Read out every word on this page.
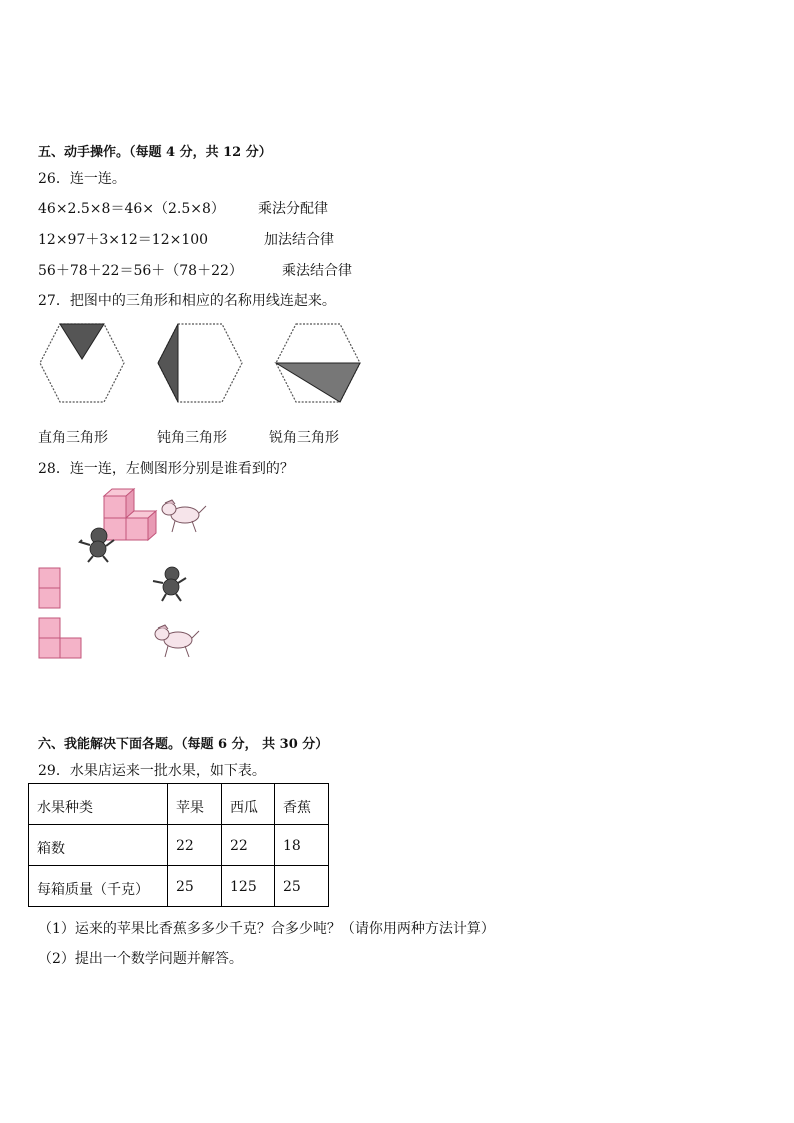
五、动手操作。（每题 4 分，共 12 分）
26．连一连。
46×2.5×8＝46×（2.5×8）
12×97＋3×12＝12×100
56＋78＋22＝56＋（78＋22）
乘法分配律
加法结合律
乘法结合律
27．把图中的三角形和相应的名称用线连起来。
直角三角形	钝角三角形	锐角三角形
28．连一连，左侧图形分别是谁看到的？
六、我能解决下面各题。（每题 6 分， 共 30 分）
29．水果店运来一批水果，如下表。
水果种类	苹果	西瓜	香蕉
箱数	22	22	18
每箱质量（千克）	25	125	25
（1）运来的苹果比香蕉多多少千克？合多少吨？（请你用两种方法计算）
（2）提出一个数学问题并解答。
